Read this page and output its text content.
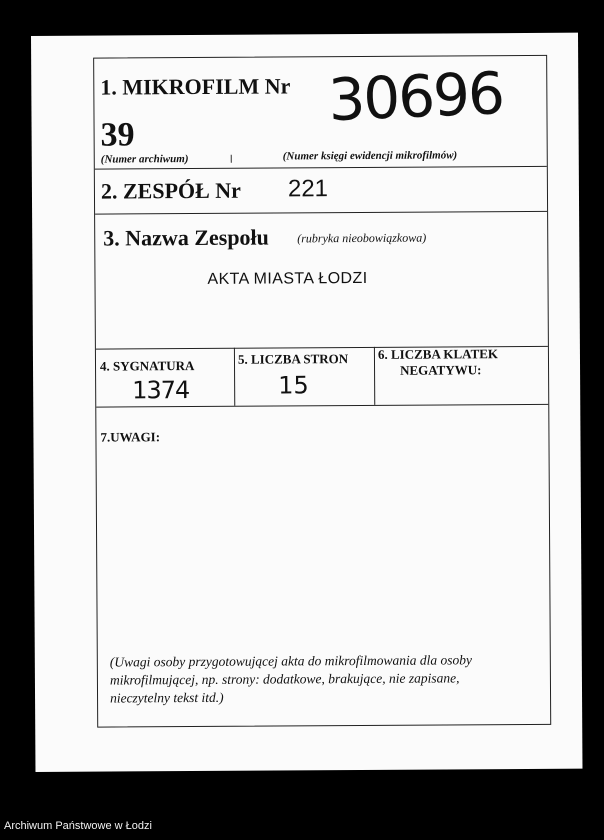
1. MIKROFILM Nr
39
30696
(Numer archiwum)	(Numer księgi ewidencji mikrofilmów)
2. ZESPÓŁ Nr 221
3. Nazwa Zespołu (rubryka nieobowiązkowa)
AKTA MIASTA ŁODZI
4. SYGNATURA
1374
5. LICZBA STRON
15
6. LICZBA KLATEK
NEGATYWU:
7.UWAGI:
(Uwagi osoby przygotowującej akta do mikrofilmowania dla osoby
mikrofilmującej, np. strony: dodatkowe, brakujące, nie zapisane,
nieczytelny tekst itd.)
Archiwum Państwowe w Łodzi
